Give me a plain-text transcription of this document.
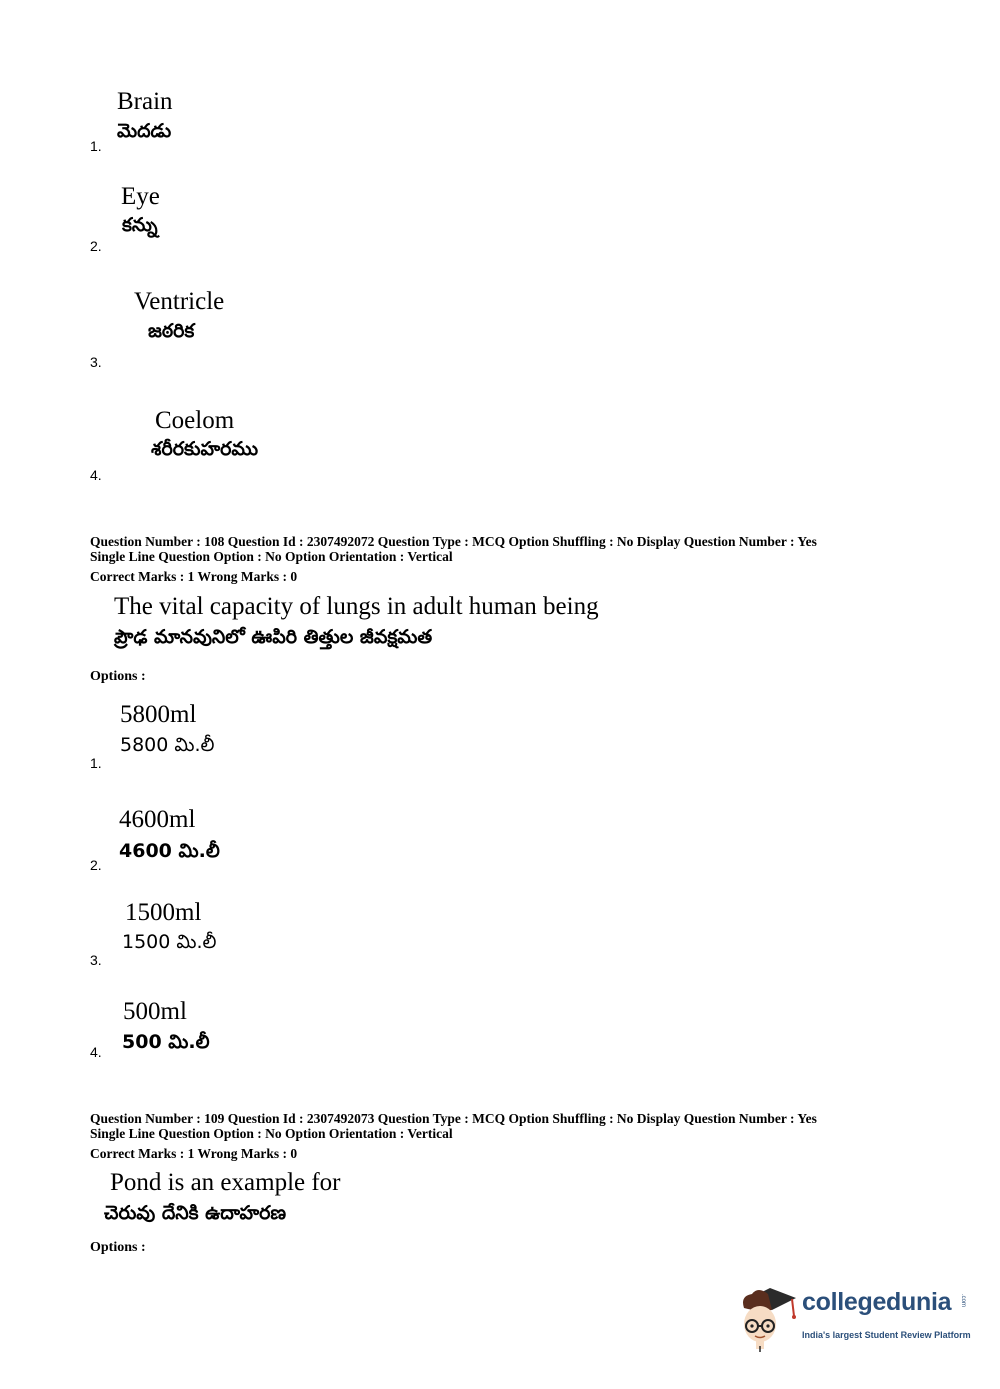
Brain
మెదడు
1.
Eye
కన్ను
2.
Ventricle
జఠరిక
3.
Coelom
శరీరకుహరము
4.
Question Number : 108 Question Id : 2307492072 Question Type : MCQ Option Shuffling : No Display Question Number : Yes
Single Line Question Option : No Option Orientation : Vertical
Correct Marks : 1 Wrong Marks : 0
The vital capacity of lungs in adult human being
ప్రౌఢ మానవునిలో ఊపిరి తిత్తుల జీవక్షమత
Options :
5800ml
5800 మి.లీ
1.
4600ml
4600 మి.లీ
2.
1500ml
1500 మి.లీ
3.
500ml
500 మి.లీ
4.
Question Number : 109 Question Id : 2307492073 Question Type : MCQ Option Shuffling : No Display Question Number : Yes
Single Line Question Option : No Option Orientation : Vertical
Correct Marks : 1 Wrong Marks : 0
Pond is an example for
చెరువు దేనికి ఉదాహరణ
Options :
collegedunia .com
India's largest Student Review Platform
